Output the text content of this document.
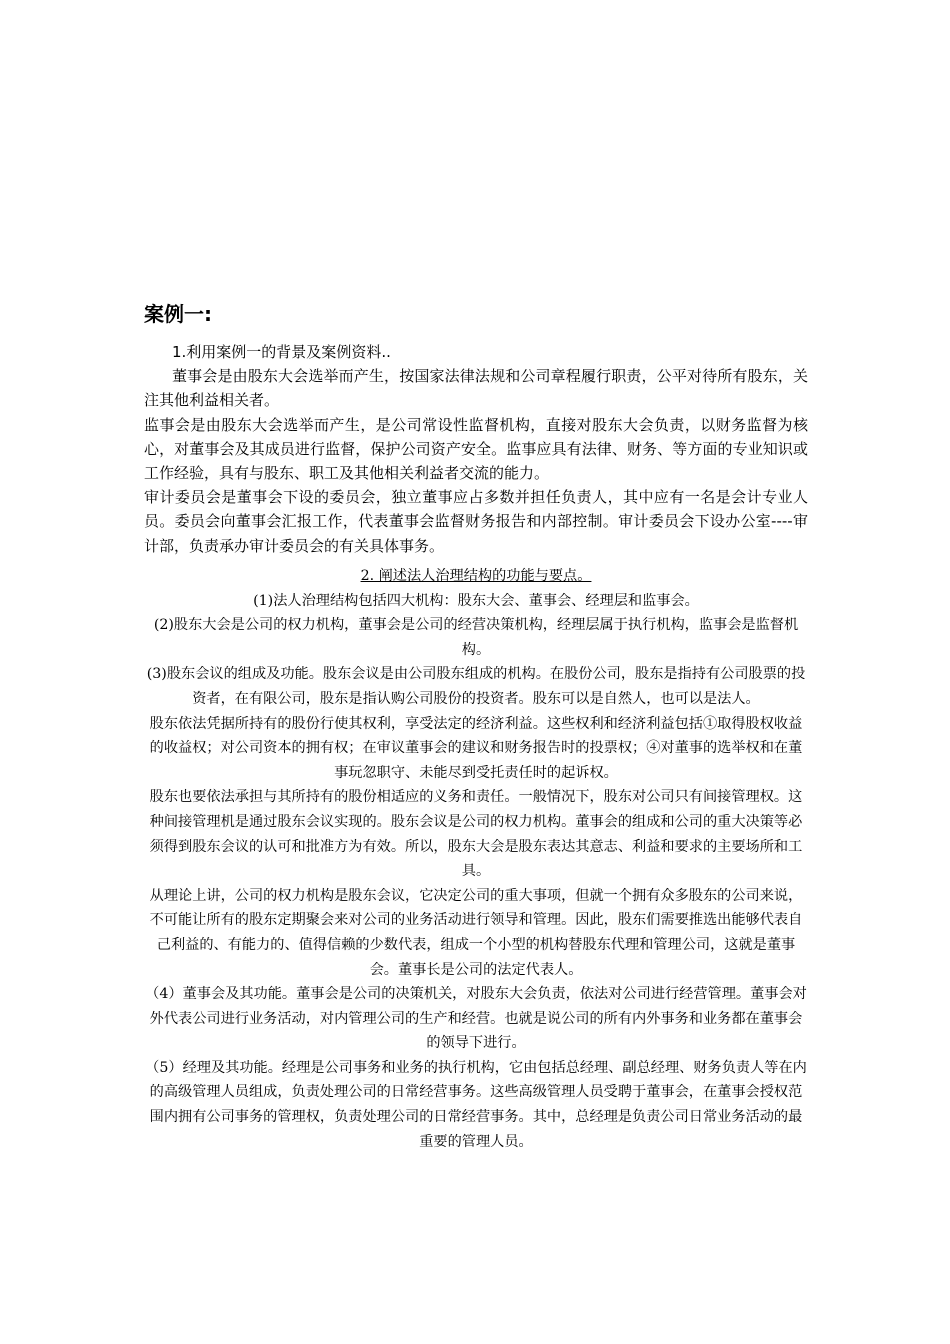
案例一:

1.利用案例一的背景及案例资料..

董事会是由股东大会选举而产生，按国家法律法规和公司章程履行职责，公平对待所有股东，关注其他利益相关者。

监事会是由股东大会选举而产生，是公司常设性监督机构，直接对股东大会负责，以财务监督为核心，对董事会及其成员进行监督，保护公司资产安全。监事应具有法律、财务、等方面的专业知识或工作经验，具有与股东、职工及其他相关利益者交流的能力。

审计委员会是董事会下设的委员会，独立董事应占多数并担任负责人，其中应有一名是会计专业人员。委员会向董事会汇报工作，代表董事会监督财务报告和内部控制。审计委员会下设办公室----审计部，负责承办审计委员会的有关具体事务。

2. 阐述法人治理结构的功能与要点。

(1)法人治理结构包括四大机构：股东大会、董事会、经理层和监事会。

(2)股东大会是公司的权力机构，董事会是公司的经营决策机构，经理层属于执行机构，监事会是监督机构。

(3)股东会议的组成及功能。股东会议是由公司股东组成的机构。在股份公司，股东是指持有公司股票的投资者，在有限公司，股东是指认购公司股份的投资者。股东可以是自然人，也可以是法人。

股东依法凭据所持有的股份行使其权利，享受法定的经济利益。这些权利和经济利益包括①取得股权收益的收益权；对公司资本的拥有权；在审议董事会的建议和财务报告时的投票权；④对董事的选举权和在董事玩忽职守、未能尽到受托责任时的起诉权。

股东也要依法承担与其所持有的股份相适应的义务和责任。一般情况下，股东对公司只有间接管理权。这种间接管理机是通过股东会议实现的。股东会议是公司的权力机构。董事会的组成和公司的重大决策等必须得到股东会议的认可和批准方为有效。所以，股东大会是股东表达其意志、利益和要求的主要场所和工具。

从理论上讲，公司的权力机构是股东会议，它决定公司的重大事项，但就一个拥有众多股东的公司来说，不可能让所有的股东定期聚会来对公司的业务活动进行领导和管理。因此，股东们需要推选出能够代表自己利益的、有能力的、值得信赖的少数代表，组成一个小型的机构替股东代理和管理公司，这就是董事会。董事长是公司的法定代表人。

（4）董事会及其功能。董事会是公司的决策机关，对股东大会负责，依法对公司进行经营管理。董事会对外代表公司进行业务活动，对内管理公司的生产和经营。也就是说公司的所有内外事务和业务都在董事会的领导下进行。

（5）经理及其功能。经理是公司事务和业务的执行机构，它由包括总经理、副总经理、财务负责人等在内的高级管理人员组成，负责处理公司的日常经营事务。这些高级管理人员受聘于董事会，在董事会授权范围内拥有公司事务的管理权，负责处理公司的日常经营事务。其中，总经理是负责公司日常业务活动的最重要的管理人员。
